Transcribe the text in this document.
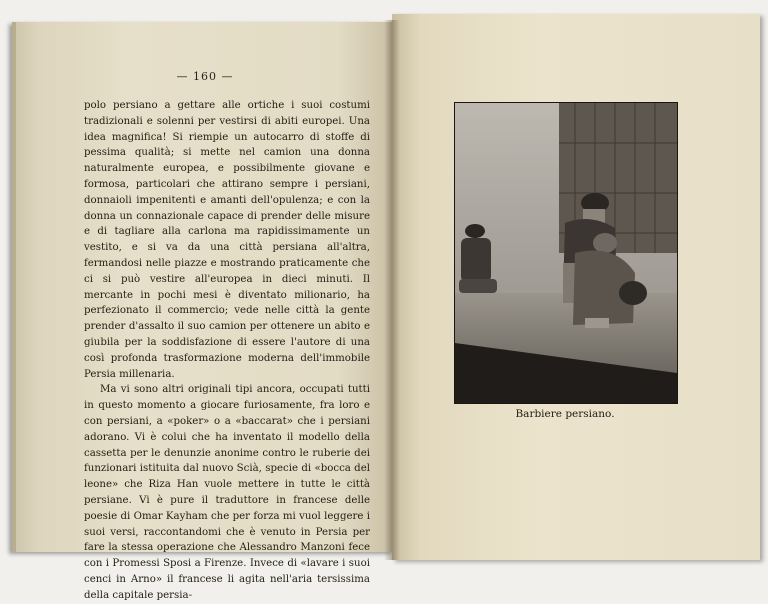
— 160 —

polo persiano a gettare alle ortiche i suoi costumi tradizionali e solenni per vestirsi di abiti europei. Una idea magnifica! Si riempie un autocarro di stoffe di pessima qualità; si mette nel camion una donna naturalmente europea, e possibilmente giovane e formosa, particolari che attirano sempre i persiani, donnaioli impenitenti e amanti dell'opulenza; e con la donna un connazionale capace di prender delle misure e di tagliare alla carlona ma rapidissimamente un vestito, e si va da una città persiana all'altra, fermandosi nelle piazze e mostrando praticamente che ci si può vestire all'europea in dieci minuti. Il mercante in pochi mesi è diventato milionario, ha perfezionato il commercio; vede nelle città la gente prender d'assalto il suo camion per ottenere un abito e giubila per la soddisfazione di essere l'autore di una così profonda trasformazione moderna dell'immobile Persia millenaria.

Ma vi sono altri originali tipi ancora, occupati tutti in questo momento a giocare furiosamente, fra loro e con persiani, a «poker» o a «baccarat» che i persiani adorano. Vi è colui che ha inventato il modello della cassetta per le denunzie anonime contro le ruberie dei funzionari istituita dal nuovo Scià, specie di «bocca del leone» che Riza Han vuole mettere in tutte le città persiane. Vi è pure il traduttore in francese delle poesie di Omar Kayham che per forza mi vuol leggere i suoi versi, raccontandomi che è venuto in Persia per fare la stessa operazione che Alessandro Manzoni fece con i Promessi Sposi a Firenze. Invece di «lavare i suoi cenci in Arno» il francese li agita nell'aria tersissima della capitale persia-

Barbiere persiano.
